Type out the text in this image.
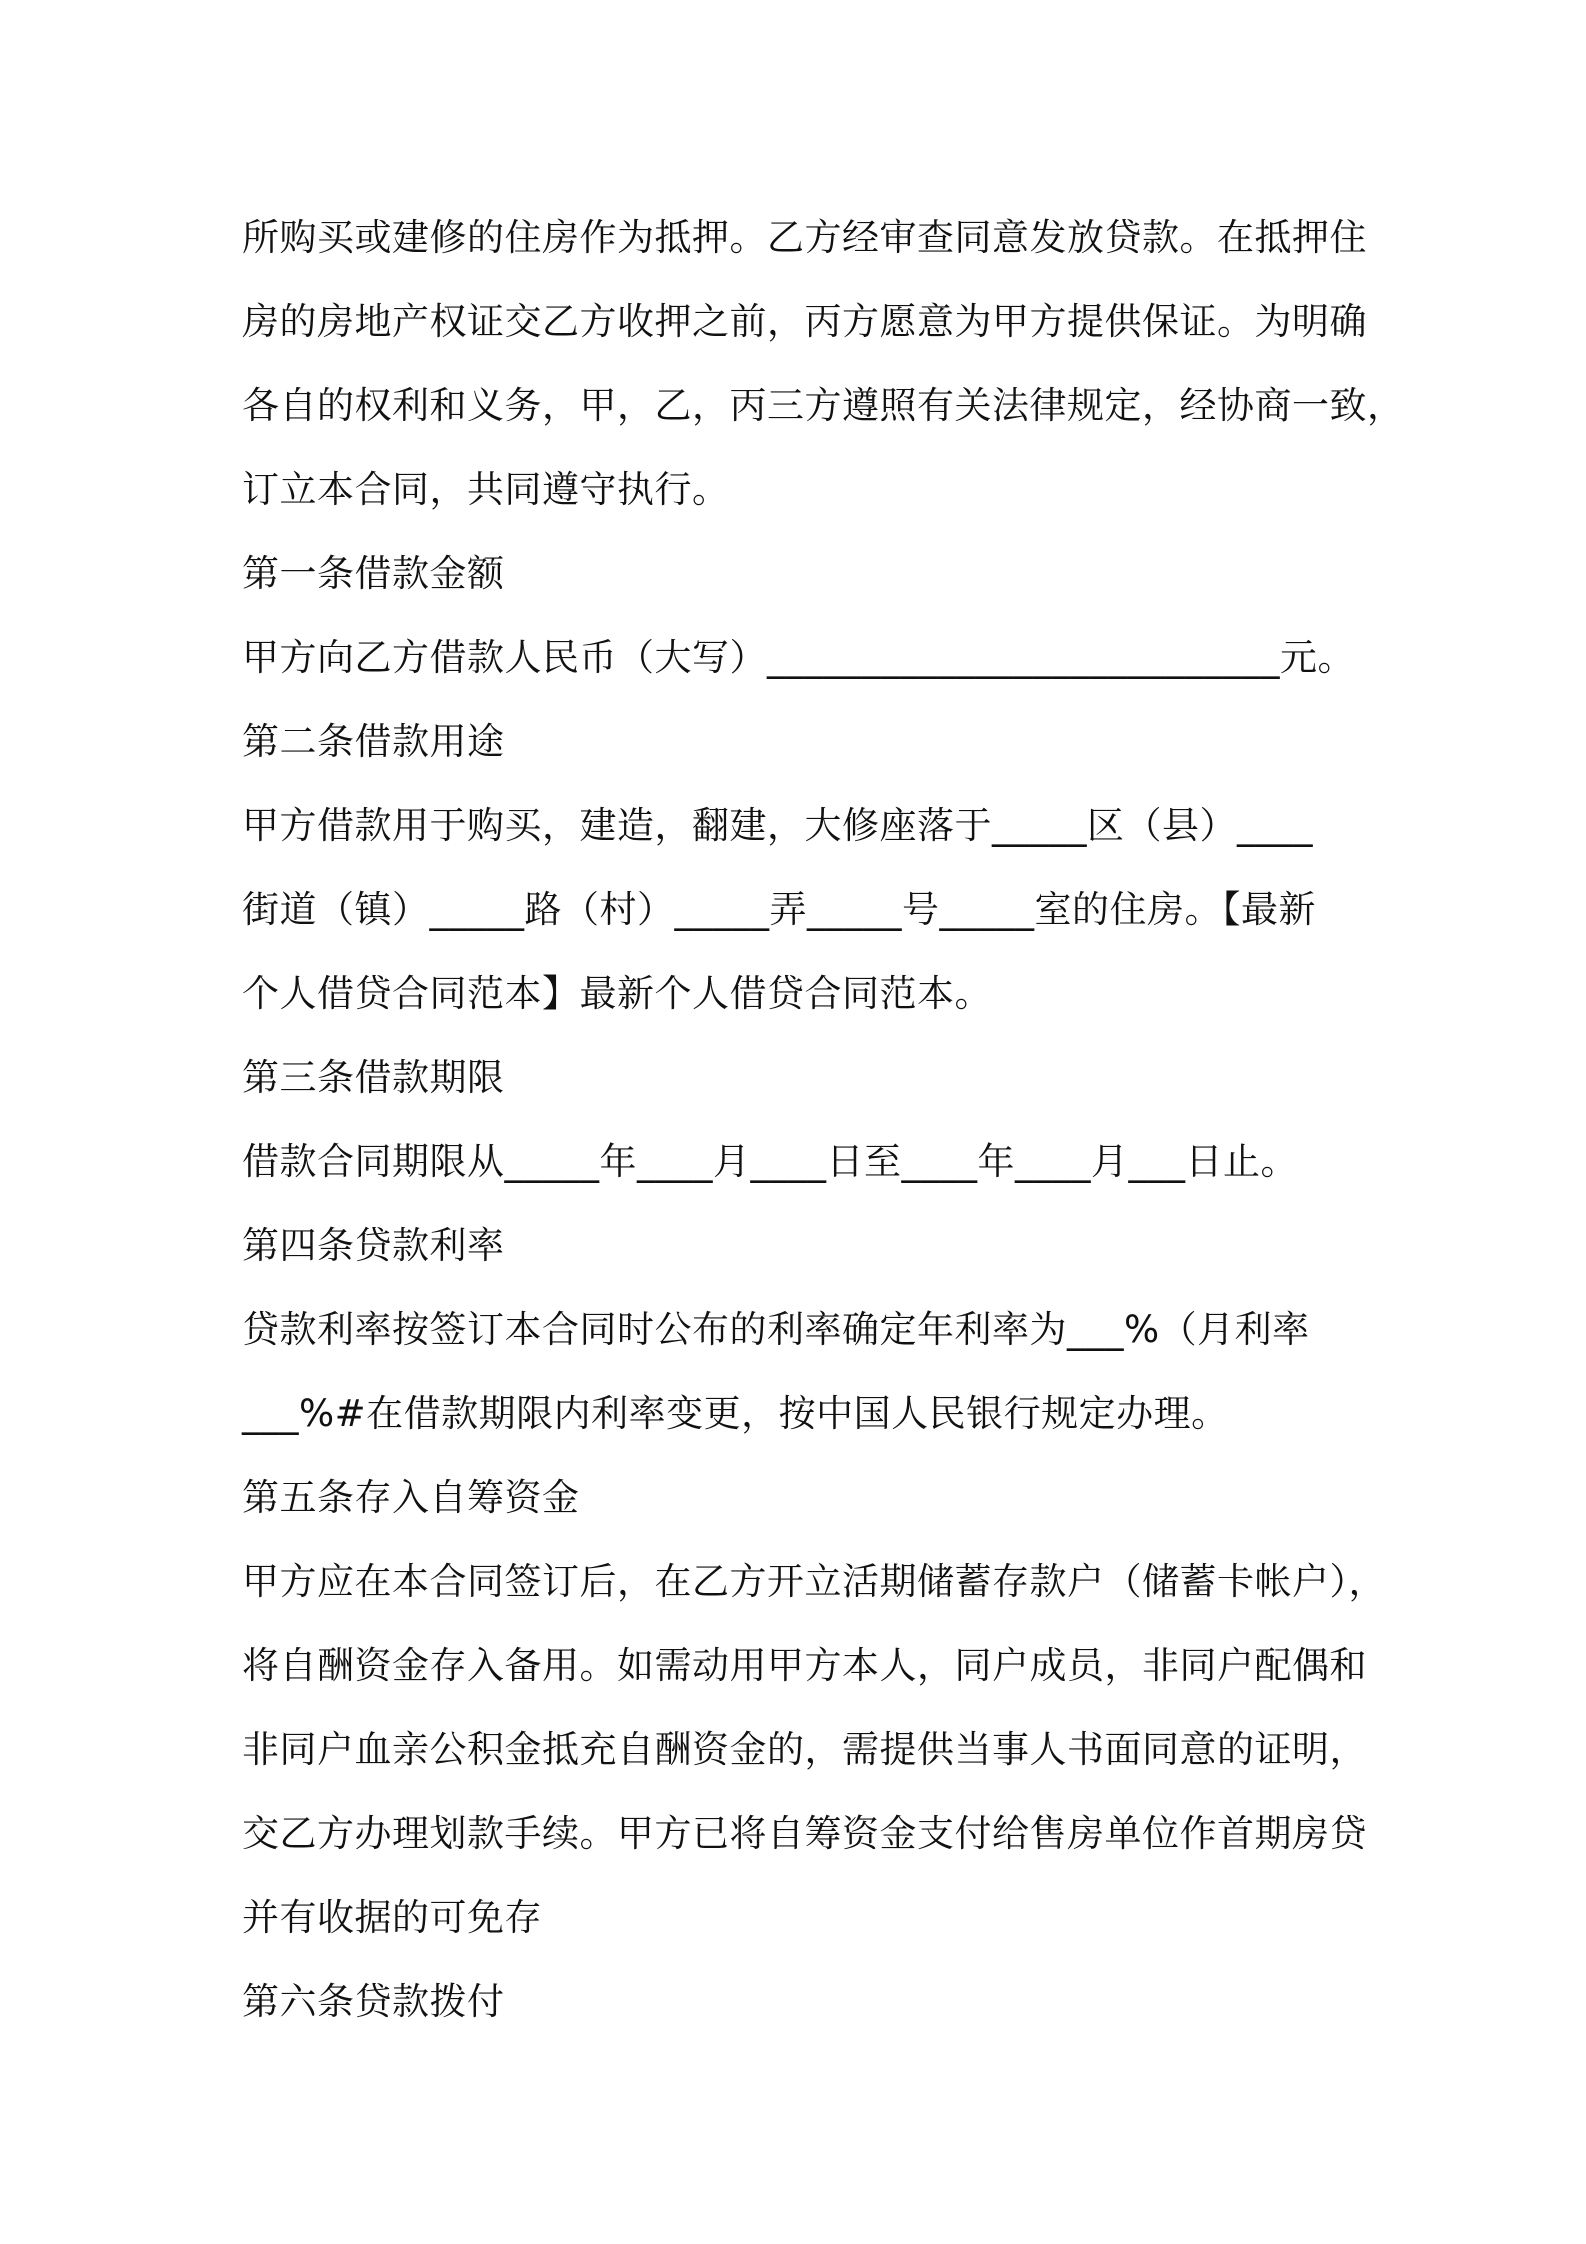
所购买或建修的住房作为抵押。乙方经审查同意发放贷款。在抵押住
房的房地产权证交乙方收押之前，丙方愿意为甲方提供保证。为明确
各自的权利和义务，甲，乙，丙三方遵照有关法律规定，经协商一致，
订立本合同，共同遵守执行。
第一条借款金额
甲方向乙方借款人民币（大写）___________________________元。
第二条借款用途
甲方借款用于购买，建造，翻建，大修座落于_____区（县）____
街道（镇）_____路（村）_____弄_____号_____室的住房。【最新
个人借贷合同范本】最新个人借贷合同范本。
第三条借款期限
借款合同期限从_____年____月____日至____年____月___日止。
第四条贷款利率
贷款利率按签订本合同时公布的利率确定年利率为___%（月利率
___%#在借款期限内利率变更，按中国人民银行规定办理。
第五条存入自筹资金
甲方应在本合同签订后，在乙方开立活期储蓄存款户（储蓄卡帐户），
将自酬资金存入备用。如需动用甲方本人，同户成员，非同户配偶和
非同户血亲公积金抵充自酬资金的，需提供当事人书面同意的证明，
交乙方办理划款手续。甲方已将自筹资金支付给售房单位作首期房贷
并有收据的可免存
第六条贷款拨付
